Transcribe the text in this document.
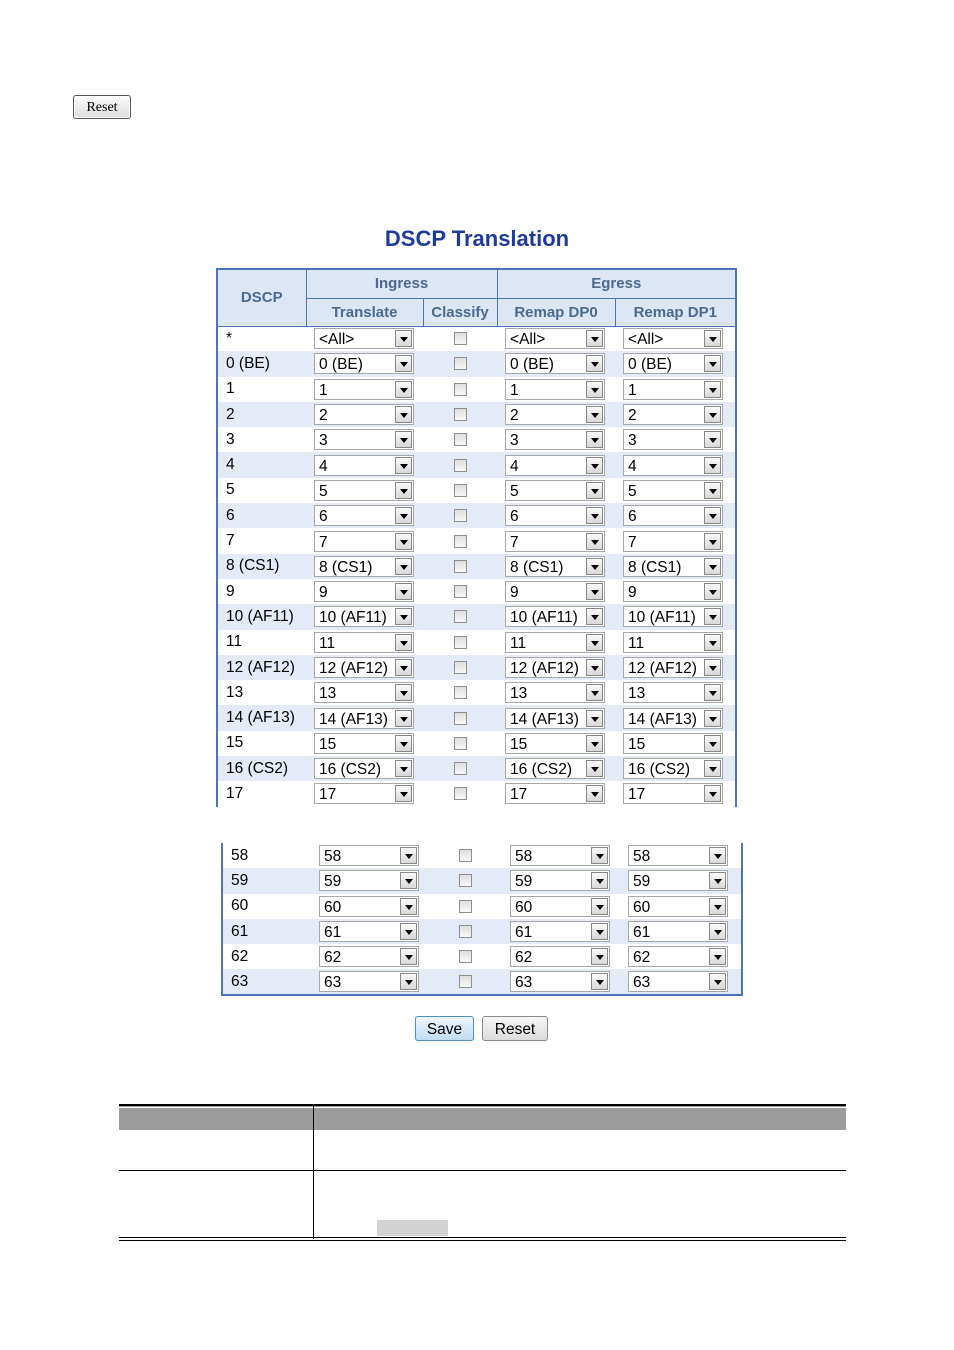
Reset
DSCP Translation
DSCP	Ingress		Egress	
	Translate	Classify	Remap DP0	Remap DP1
*	<All>		<All>	<All>

0 (BE)	0 (BE)		0 (BE)	0 (BE)

1	1		1	1

2	2		2	2

3	3		3	3

4	4		4	4

5	5		5	5

6	6		6	6

7	7		7	7

8 (CS1)	8 (CS1)		8 (CS1)	8 (CS1)

9	9		9	9

10 (AF11)	10 (AF11)		10 (AF11)	10 (AF11)

11	11		11	11

12 (AF12)	12 (AF12)		12 (AF12)	12 (AF12)

13	13		13	13

14 (AF13)	14 (AF13)		14 (AF13)	14 (AF13)

15	15		15	15

16 (CS2)	16 (CS2)		16 (CS2)	16 (CS2)

17	17		17	17
58	58		58	58

59	59		59	59

60	60		60	60

61	61		61	61

62	62		62	62

63	63		63	63
Save	Reset
